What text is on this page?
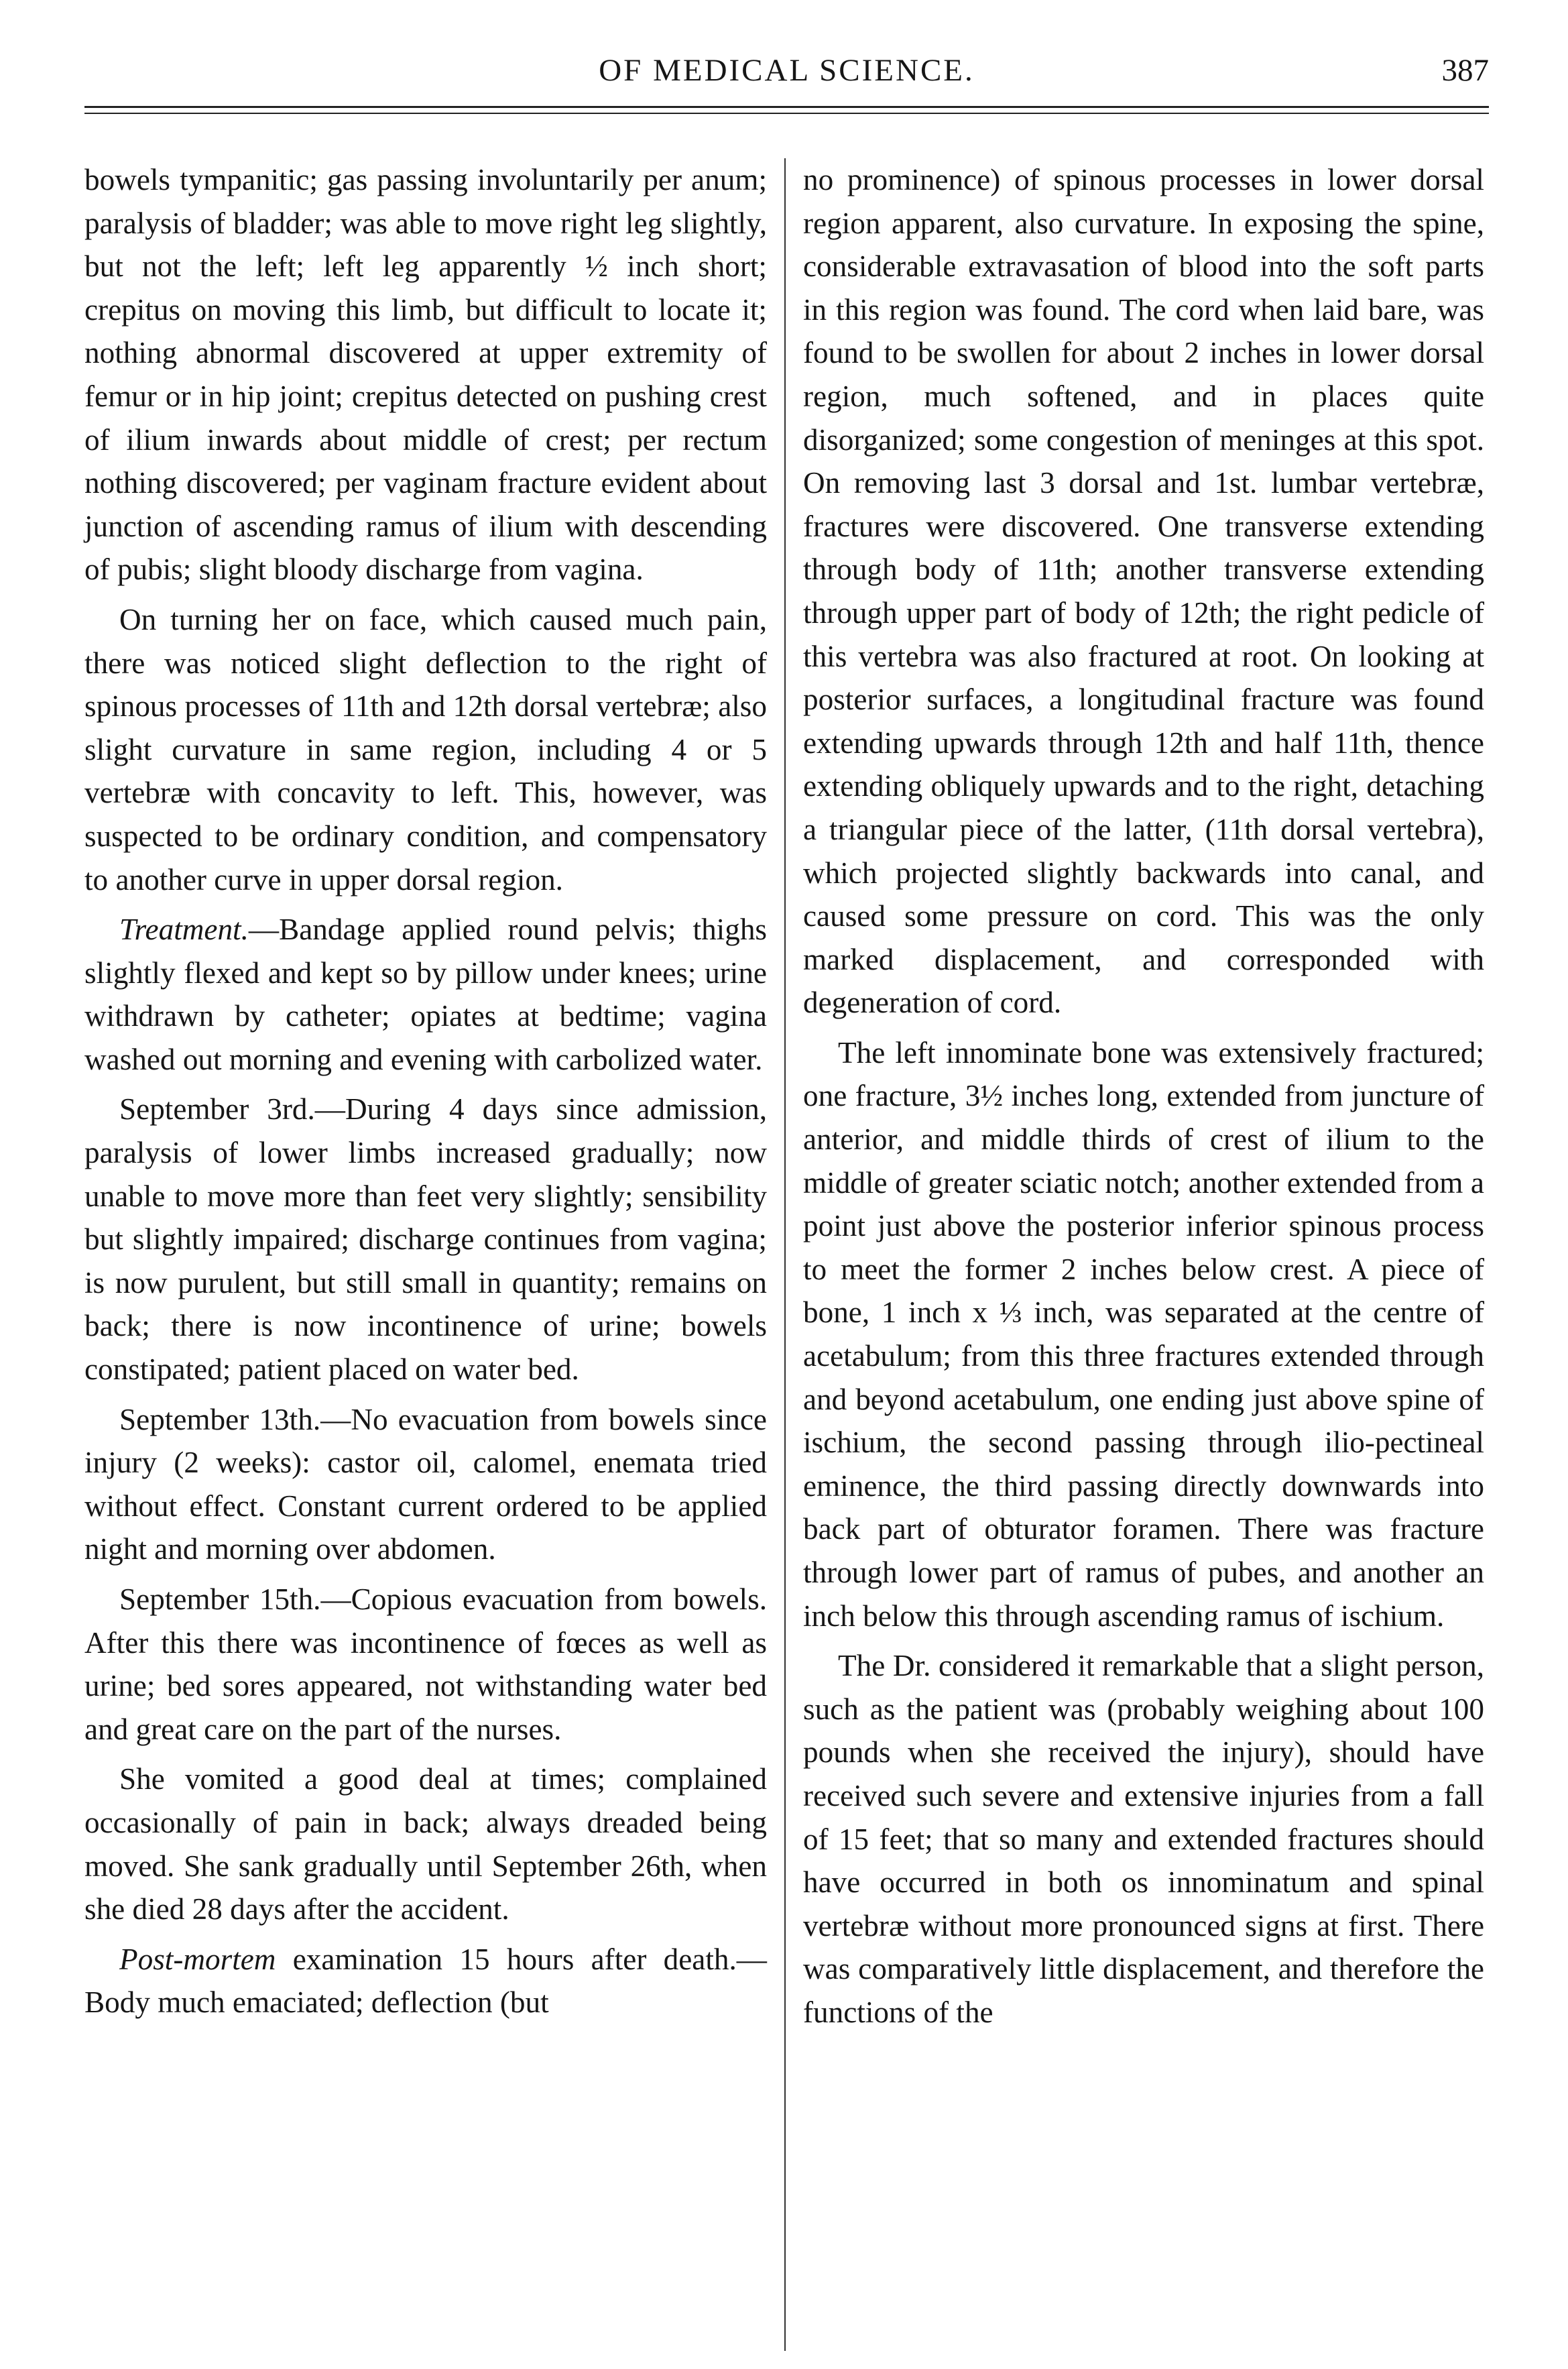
OF MEDICAL SCIENCE.	387

bowels tympanitic; gas passing involuntarily per anum; paralysis of bladder; was able to move right leg slightly, but not the left; left leg apparently ½ inch short; crepitus on moving this limb, but difficult to locate it; nothing abnormal discovered at upper extremity of femur or in hip joint; crepitus detected on pushing crest of ilium inwards about middle of crest; per rectum nothing discovered; per vaginam fracture evident about junction of ascending ramus of ilium with descending of pubis; slight bloody discharge from vagina.

On turning her on face, which caused much pain, there was noticed slight deflection to the right of spinous processes of 11th and 12th dorsal vertebræ; also slight curvature in same region, including 4 or 5 vertebræ with concavity to left. This, however, was suspected to be ordinary condition, and compensatory to another curve in upper dorsal region.

Treatment.—Bandage applied round pelvis; thighs slightly flexed and kept so by pillow under knees; urine withdrawn by catheter; opiates at bedtime; vagina washed out morning and evening with carbolized water.

September 3rd.—During 4 days since admission, paralysis of lower limbs increased gradually; now unable to move more than feet very slightly; sensibility but slightly impaired; discharge continues from vagina; is now purulent, but still small in quantity; remains on back; there is now incontinence of urine; bowels constipated; patient placed on water bed.

September 13th.—No evacuation from bowels since injury (2 weeks): castor oil, calomel, enemata tried without effect. Constant current ordered to be applied night and morning over abdomen.

September 15th.—Copious evacuation from bowels. After this there was incontinence of fœces as well as urine; bed sores appeared, not withstanding water bed and great care on the part of the nurses.

She vomited a good deal at times; complained occasionally of pain in back; always dreaded being moved. She sank gradually until September 26th, when she died 28 days after the accident.

Post-mortem examination 15 hours after death.—Body much emaciated; deflection (but

no prominence) of spinous processes in lower dorsal region apparent, also curvature. In exposing the spine, considerable extravasation of blood into the soft parts in this region was found. The cord when laid bare, was found to be swollen for about 2 inches in lower dorsal region, much softened, and in places quite disorganized; some congestion of meninges at this spot. On removing last 3 dorsal and 1st. lumbar vertebræ, fractures were discovered. One transverse extending through body of 11th; another transverse extending through upper part of body of 12th; the right pedicle of this vertebra was also fractured at root. On looking at posterior surfaces, a longitudinal fracture was found extending upwards through 12th and half 11th, thence extending obliquely upwards and to the right, detaching a triangular piece of the latter, (11th dorsal vertebra), which projected slightly backwards into canal, and caused some pressure on cord. This was the only marked displacement, and corresponded with degeneration of cord.

The left innominate bone was extensively fractured; one fracture, 3½ inches long, extended from juncture of anterior, and middle thirds of crest of ilium to the middle of greater sciatic notch; another extended from a point just above the posterior inferior spinous process to meet the former 2 inches below crest. A piece of bone, 1 inch x ⅓ inch, was separated at the centre of acetabulum; from this three fractures extended through and beyond acetabulum, one ending just above spine of ischium, the second passing through ilio-pectineal eminence, the third passing directly downwards into back part of obturator foramen. There was fracture through lower part of ramus of pubes, and another an inch below this through ascending ramus of ischium.

The Dr. considered it remarkable that a slight person, such as the patient was (probably weighing about 100 pounds when she received the injury), should have received such severe and extensive injuries from a fall of 15 feet; that so many and extended fractures should have occurred in both os innominatum and spinal vertebræ without more pronounced signs at first. There was comparatively little displacement, and therefore the functions of the
